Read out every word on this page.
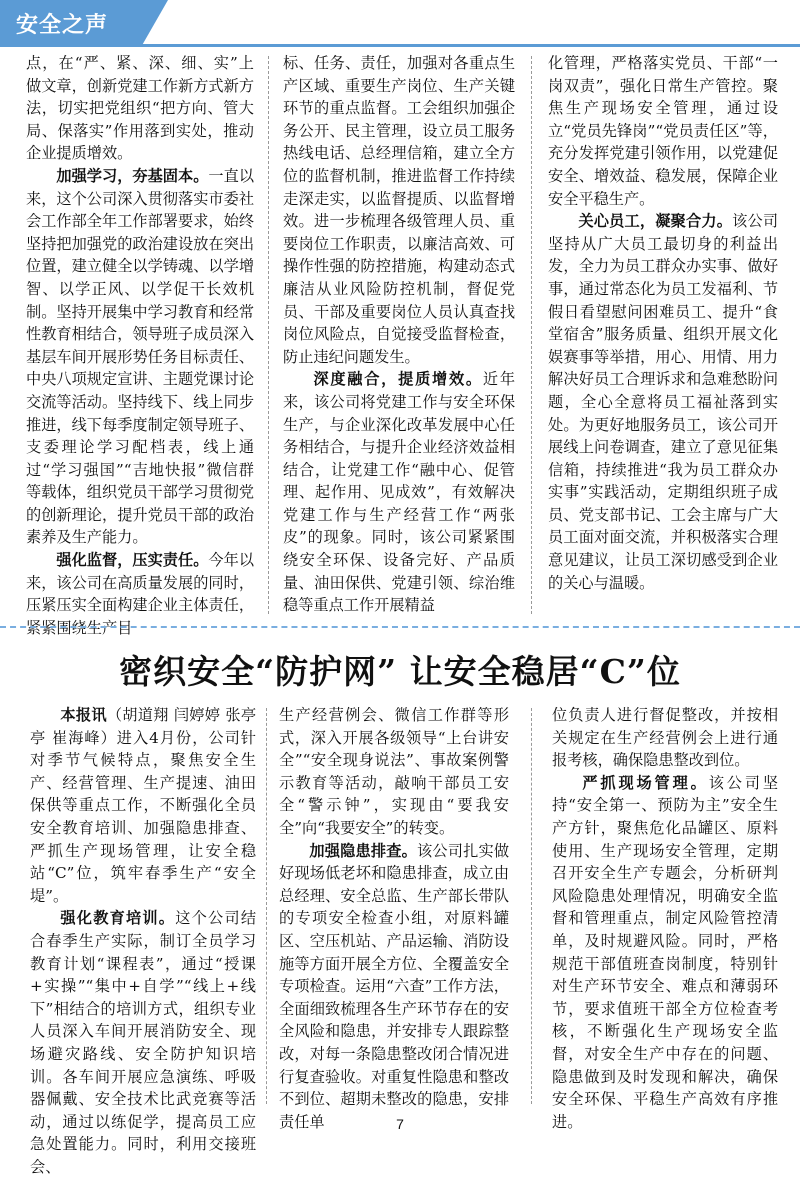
安全之声

点，在“严、紧、深、细、实”上做文章，创新党建工作新方式新方法，切实把党组织“把方向、管大局、保落实”作用落到实处，推动企业提质增效。

加强学习，夯基固本。一直以来，这个公司深入贯彻落实市委社会工作部全年工作部署要求，始终坚持把加强党的政治建设放在突出位置，建立健全以学铸魂、以学增智、以学正风、以学促干长效机制。坚持开展集中学习教育和经常性教育相结合，领导班子成员深入基层车间开展形势任务目标责任、中央八项规定宣讲、主题党课讨论交流等活动。坚持线下、线上同步推进，线下每季度制定领导班子、支委理论学习配档表，线上通过“学习强国”“吉地快报”微信群等载体，组织党员干部学习贯彻党的创新理论，提升党员干部的政治素养及生产能力。

强化监督，压实责任。今年以来，该公司在高质量发展的同时，压紧压实全面构建企业主体责任，紧紧围绕生产目

标、任务、责任，加强对各重点生产区域、重要生产岗位、生产关键环节的重点监督。工会组织加强企务公开、民主管理，设立员工服务热线电话、总经理信箱，建立全方位的监督机制，推进监督工作持续走深走实，以监督提质、以监督增效。进一步梳理各级管理人员、重要岗位工作职责，以廉洁高效、可操作性强的防控措施，构建动态式廉洁从业风险防控机制，督促党员、干部及重要岗位人员认真查找岗位风险点，自觉接受监督检查，防止违纪问题发生。

深度融合，提质增效。近年来，该公司将党建工作与安全环保生产，与企业深化改革发展中心任务相结合，与提升企业经济效益相结合，让党建工作“融中心、促管理、起作用、见成效”，有效解决党建工作与生产经营工作“两张皮”的现象。同时，该公司紧紧围绕安全环保、设备完好、产品质量、油田保供、党建引领、综治维稳等重点工作开展精益

化管理，严格落实党员、干部“一岗双责”，强化日常生产管控。聚焦生产现场安全管理，通过设立“党员先锋岗”“党员责任区”等，充分发挥党建引领作用，以党建促安全、增效益、稳发展，保障企业安全平稳生产。

关心员工，凝聚合力。该公司坚持从广大员工最切身的利益出发，全力为员工群众办实事、做好事，通过常态化为员工发福利、节假日看望慰问困难员工、提升“食堂宿舍”服务质量、组织开展文化娱赛事等举措，用心、用情、用力解决好员工合理诉求和急难愁盼问题，全心全意将员工福祉落到实处。为更好地服务员工，该公司开展线上问卷调查，建立了意见征集信箱，持续推进“我为员工群众办实事”实践活动，定期组织班子成员、党支部书记、工会主席与广大员工面对面交流，并积极落实合理意见建议，让员工深切感受到企业的关心与温暖。

密织安全“防护网” 让安全稳居“C”位

本报讯（胡道翔 闫婷婷 张亭亭 崔海峰）进入4月份，公司针对季节气候特点，聚焦安全生产、经营管理、生产提速、油田保供等重点工作，不断强化全员安全教育培训、加强隐患排查、严抓生产现场管理，让安全稳站“C”位，筑牢春季生产“安全堤”。

强化教育培训。这个公司结合春季生产实际，制订全员学习教育计划“课程表”，通过“授课+实操”“集中+自学”“线上+线下”相结合的培训方式，组织专业人员深入车间开展消防安全、现场避灾路线、安全防护知识培训。各车间开展应急演练、呼吸器佩戴、安全技术比武竞赛等活动，通过以练促学，提高员工应急处置能力。同时，利用交接班会、

生产经营例会、微信工作群等形式，深入开展各级领导“上台讲安全”“安全现身说法”、事故案例警示教育等活动，敲响干部员工安全“警示钟”，实现由“要我安全”向“我要安全”的转变。

加强隐患排查。该公司扎实做好现场低老坏和隐患排查，成立由总经理、安全总监、生产部长带队的专项安全检查小组，对原料罐区、空压机站、产品运输、消防设施等方面开展全方位、全覆盖安全专项检查。运用“六查”工作方法，全面细致梳理各生产环节存在的安全风险和隐患，并安排专人跟踪整改，对每一条隐患整改闭合情况进行复查验收。对重复性隐患和整改不到位、超期未整改的隐患，安排责任单

位负责人进行督促整改，并按相关规定在生产经营例会上进行通报考核，确保隐患整改到位。

严抓现场管理。该公司坚持“安全第一、预防为主”安全生产方针，聚焦危化品罐区、原料使用、生产现场安全管理，定期召开安全生产专题会，分析研判风险隐患处理情况，明确安全监督和管理重点，制定风险管控清单，及时规避风险。同时，严格规范干部值班查岗制度，特别针对生产环节安全、难点和薄弱环节，要求值班干部全方位检查考核，不断强化生产现场安全监督，对安全生产中存在的问题、隐患做到及时发现和解决，确保安全环保、平稳生产高效有序推进。

7
